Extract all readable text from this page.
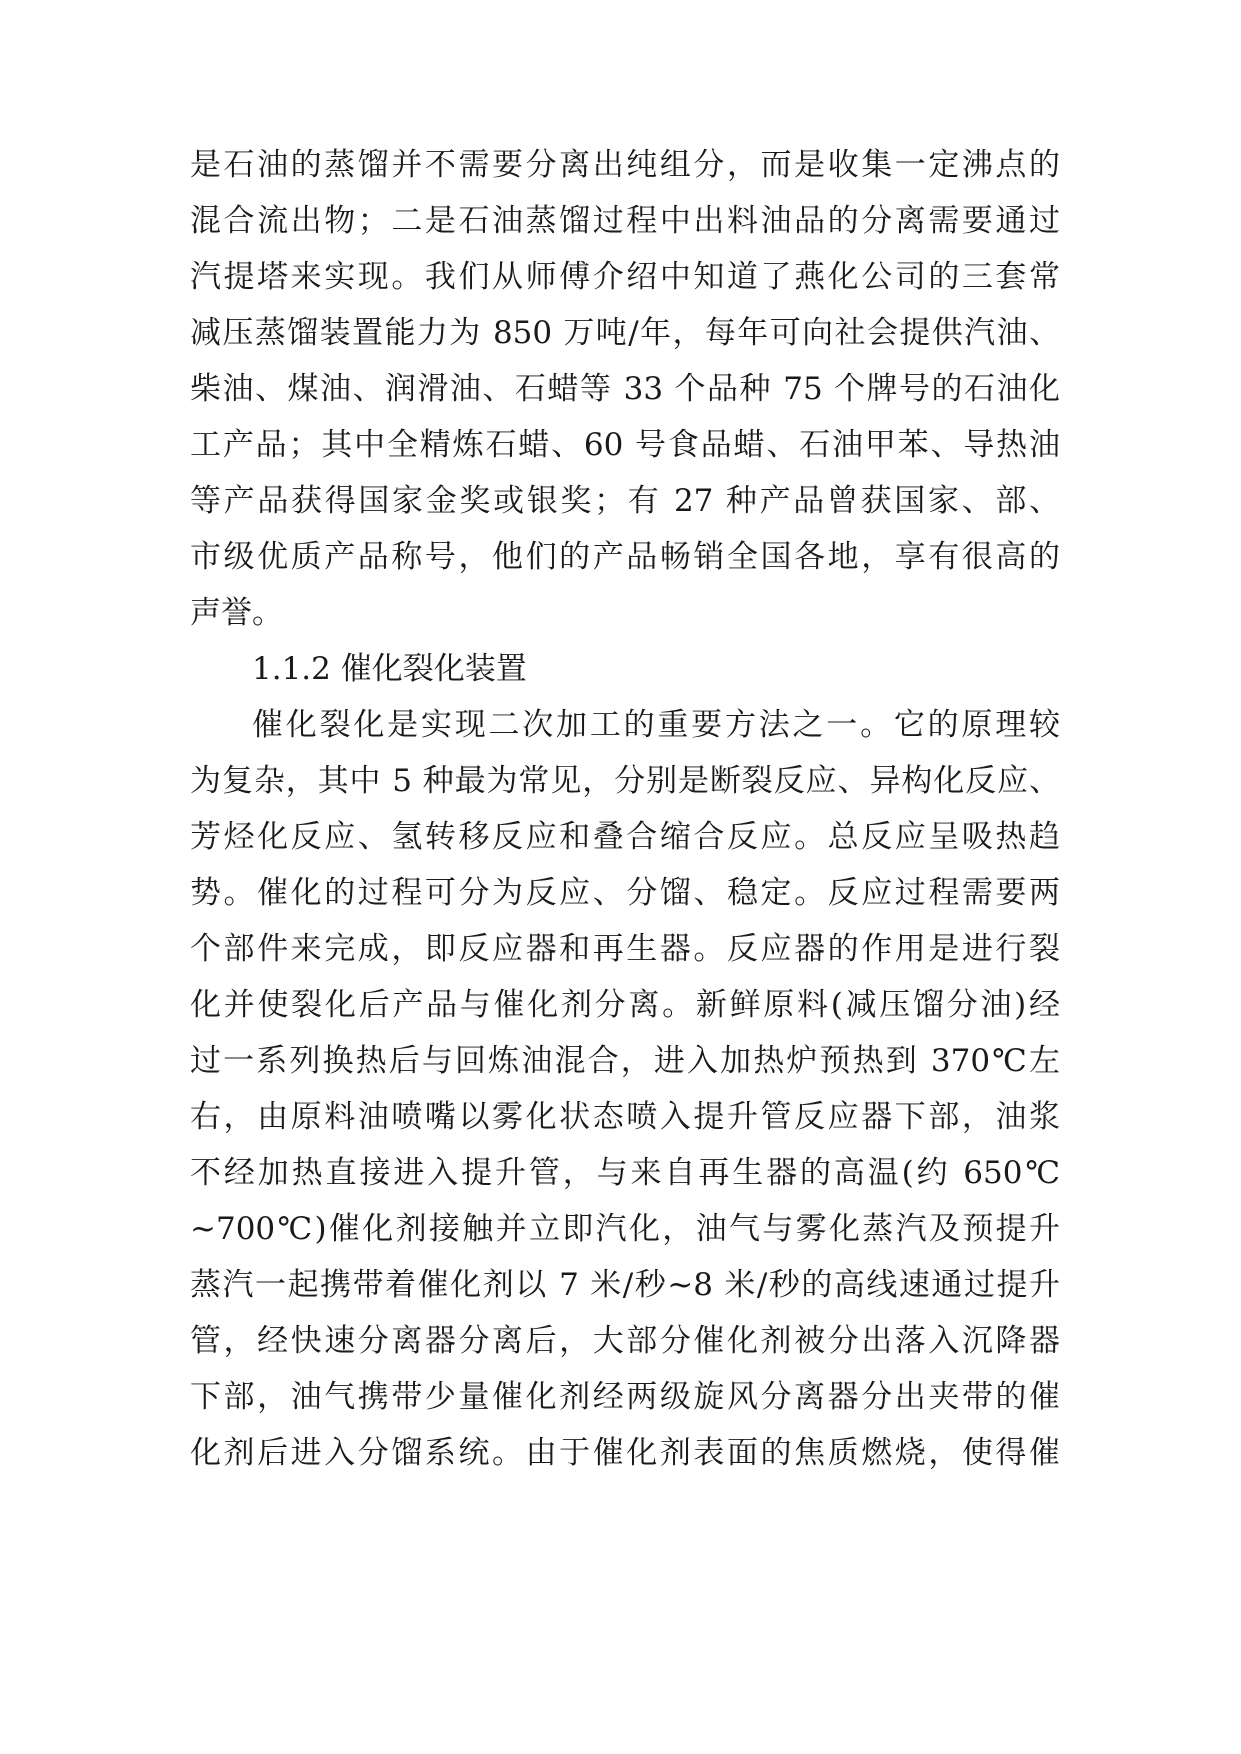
是石油的蒸馏并不需要分离出纯组分，而是收集一定沸点的
混合流出物；二是石油蒸馏过程中出料油品的分离需要通过
汽提塔来实现。我们从师傅介绍中知道了燕化公司的三套常
减压蒸馏装置能力为 850 万吨/年，每年可向社会提供汽油、
柴油、煤油、润滑油、石蜡等 33 个品种 75 个牌号的石油化
工产品；其中全精炼石蜡、60 号食品蜡、石油甲苯、导热油
等产品获得国家金奖或银奖；有 27 种产品曾获国家、部、
市级优质产品称号，他们的产品畅销全国各地，享有很高的
声誉。
1.1.2 催化裂化装置
催化裂化是实现二次加工的重要方法之一。它的原理较
为复杂，其中 5 种最为常见，分别是断裂反应、异构化反应、
芳烃化反应、氢转移反应和叠合缩合反应。总反应呈吸热趋
势。催化的过程可分为反应、分馏、稳定。反应过程需要两
个部件来完成，即反应器和再生器。反应器的作用是进行裂
化并使裂化后产品与催化剂分离。新鲜原料(减压馏分油)经
过一系列换热后与回炼油混合，进入加热炉预热到 370℃左
右，由原料油喷嘴以雾化状态喷入提升管反应器下部，油浆
不经加热直接进入提升管，与来自再生器的高温(约 650℃
~700℃)催化剂接触并立即汽化，油气与雾化蒸汽及预提升
蒸汽一起携带着催化剂以 7 米/秒~8 米/秒的高线速通过提升
管，经快速分离器分离后，大部分催化剂被分出落入沉降器
下部，油气携带少量催化剂经两级旋风分离器分出夹带的催
化剂后进入分馏系统。由于催化剂表面的焦质燃烧，使得催
